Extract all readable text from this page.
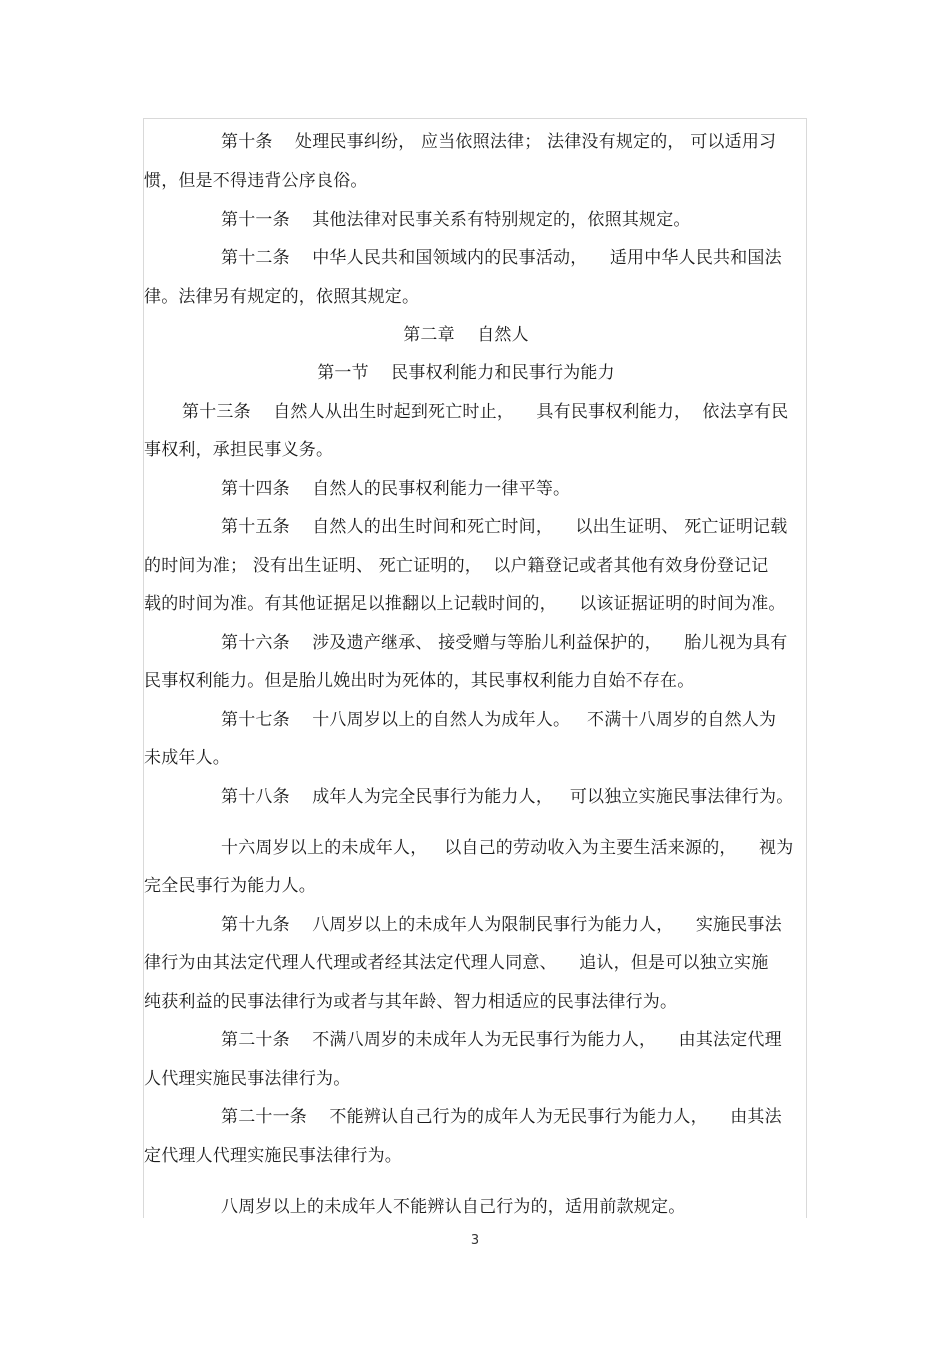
第十条    处理民事纠纷， 应当依照法律； 法律没有规定的， 可以适用习
惯，但是不得违背公序良俗。
第十一条    其他法律对民事关系有特别规定的，依照其规定。
第十二条    中华人民共和国领域内的民事活动，    适用中华人民共和国法
律。法律另有规定的，依照其规定。
第二章    自然人
第一节    民事权利能力和民事行为能力
第十三条    自然人从出生时起到死亡时止，    具有民事权利能力，  依法享有民
事权利，承担民事义务。
第十四条    自然人的民事权利能力一律平等。
第十五条    自然人的出生时间和死亡时间，    以出生证明、 死亡证明记载
的时间为准； 没有出生证明、 死亡证明的，  以户籍登记或者其他有效身份登记记
载的时间为准。有其他证据足以推翻以上记载时间的，    以该证据证明的时间为准。
第十六条    涉及遗产继承、 接受赠与等胎儿利益保护的，    胎儿视为具有
民事权利能力。但是胎儿娩出时为死体的，其民事权利能力自始不存在。
第十七条    十八周岁以上的自然人为成年人。   不满十八周岁的自然人为
未成年人。
第十八条    成年人为完全民事行为能力人，   可以独立实施民事法律行为。
十六周岁以上的未成年人，   以自己的劳动收入为主要生活来源的，    视为
完全民事行为能力人。
第十九条    八周岁以上的未成年人为限制民事行为能力人，    实施民事法
律行为由其法定代理人代理或者经其法定代理人同意、    追认，但是可以独立实施
纯获利益的民事法律行为或者与其年龄、智力相适应的民事法律行为。
第二十条    不满八周岁的未成年人为无民事行为能力人，    由其法定代理
人代理实施民事法律行为。
第二十一条    不能辨认自己行为的成年人为无民事行为能力人，    由其法
定代理人代理实施民事法律行为。
八周岁以上的未成年人不能辨认自己行为的，适用前款规定。
3
